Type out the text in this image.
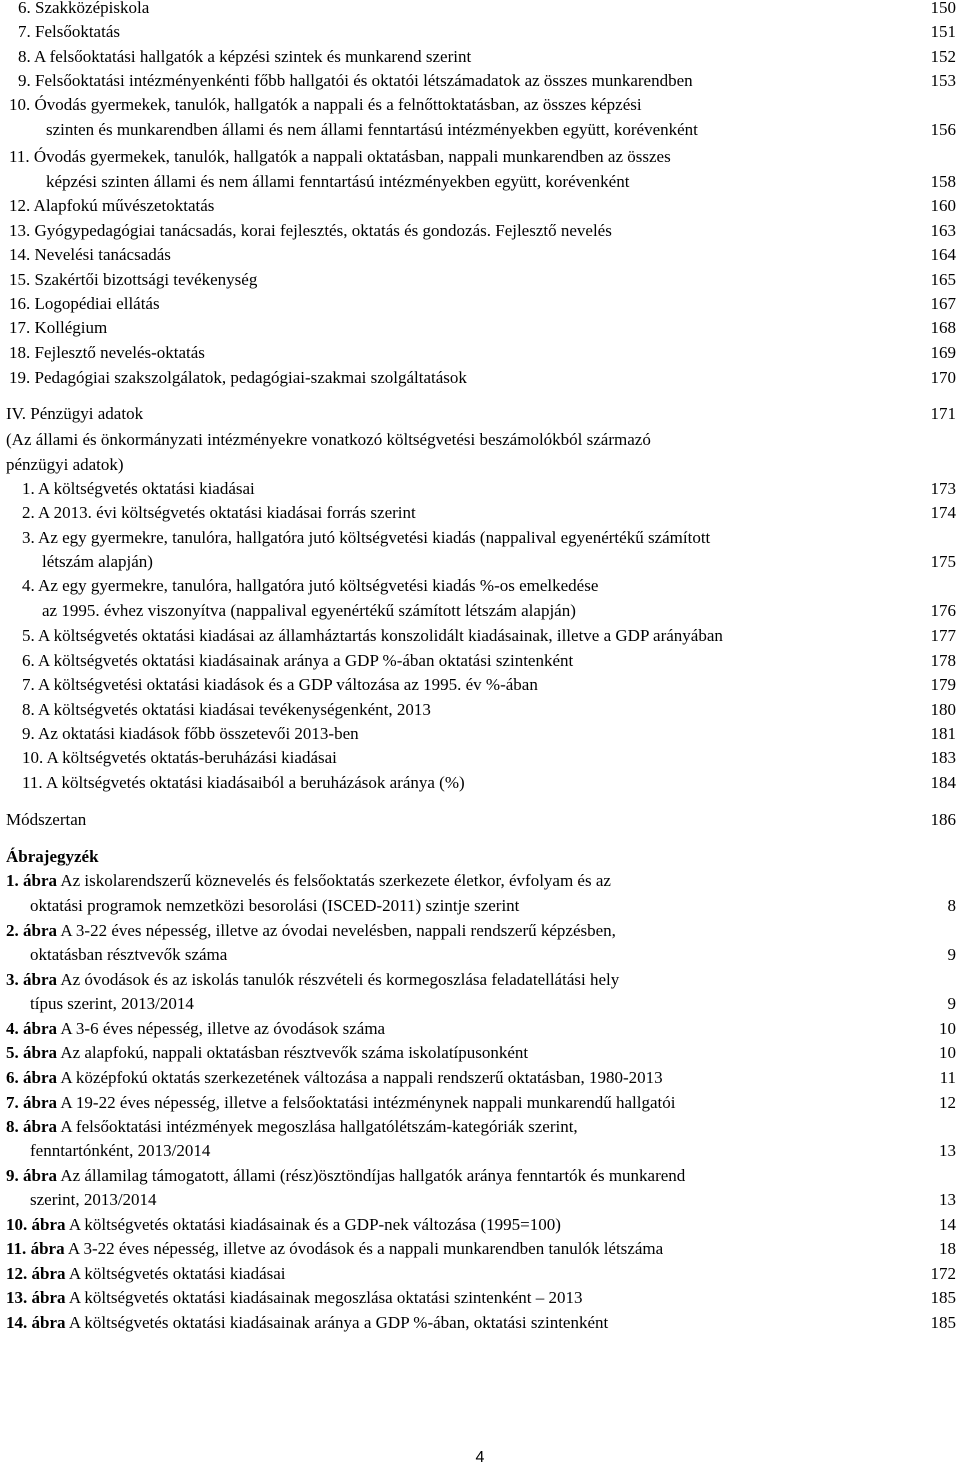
6. Szakközépiskola	150
7. Felsőoktatás	151
8. A felsőoktatási hallgatók a képzési szintek és munkarend szerint	152
9. Felsőoktatási intézményenkénti főbb hallgatói és oktatói létszámadatok az összes munkarendben	153
10. Óvodás gyermekek, tanulók, hallgatók a nappali és a felnőttoktatásban, az összes képzési
szinten és munkarendben állami és nem állami fenntartású intézményekben együtt, korévenként	156
11. Óvodás gyermekek, tanulók, hallgatók a nappali oktatásban, nappali munkarendben az összes
képzési szinten állami és nem állami fenntartású intézményekben együtt, korévenként	158
12. Alapfokú művészetoktatás	160
13. Gyógypedagógiai tanácsadás, korai fejlesztés, oktatás és gondozás. Fejlesztő nevelés	163
14. Nevelési tanácsadás	164
15. Szakértői bizottsági tevékenység	165
16. Logopédiai ellátás	167
17. Kollégium	168
18. Fejlesztő nevelés-oktatás	169
19. Pedagógiai szakszolgálatok, pedagógiai-szakmai szolgáltatások	170
IV. Pénzügyi adatok	171
(Az állami és önkormányzati intézményekre vonatkozó költségvetési beszámolókból származó
pénzügyi adatok)
1. A költségvetés oktatási kiadásai	173
2. A 2013. évi költségvetés oktatási kiadásai forrás szerint	174
3. Az egy gyermekre, tanulóra, hallgatóra jutó költségvetési kiadás (nappalival egyenértékű számított
létszám alapján)	175
4. Az egy gyermekre, tanulóra, hallgatóra jutó költségvetési kiadás %-os emelkedése
az 1995. évhez viszonyítva (nappalival egyenértékű számított létszám alapján)	176
5. A költségvetés oktatási kiadásai az államháztartás konszolidált kiadásainak, illetve a GDP arányában	177
6. A költségvetés oktatási kiadásainak aránya a GDP %-ában oktatási szintenként	178
7. A költségvetési oktatási kiadások és a GDP változása az 1995. év %-ában	179
8. A költségvetés oktatási kiadásai tevékenységenként, 2013	180
9. Az oktatási kiadások főbb összetevői 2013-ben	181
10. A költségvetés oktatás-beruházási kiadásai	183
11. A költségvetés oktatási kiadásaiból a beruházások aránya (%)	184
Módszertan	186
Ábrajegyzék
1. ábra Az iskolarendszerű köznevelés és felsőoktatás szerkezete életkor, évfolyam és az
oktatási programok nemzetközi besorolási (ISCED-2011) szintje szerint	8
2. ábra A 3-22 éves népesség, illetve az óvodai nevelésben, nappali rendszerű képzésben,
oktatásban résztvevők száma	9
3. ábra Az óvodások és az iskolás tanulók részvételi és kormegoszlása feladatellátási hely
típus szerint, 2013/2014	9
4. ábra A 3-6 éves népesség, illetve az óvodások száma	10
5. ábra Az alapfokú, nappali oktatásban résztvevők száma iskolatípusonként	10
6. ábra A középfokú oktatás szerkezetének változása a nappali rendszerű oktatásban, 1980-2013	11
7. ábra A 19-22 éves népesség, illetve a felsőoktatási intézménynek nappali munkarendű hallgatói	12
8. ábra A felsőoktatási intézmények megoszlása hallgatólétszám-kategóriák szerint,
fenntartónként, 2013/2014	13
9. ábra Az államilag támogatott, állami (rész)ösztöndíjas hallgatók aránya fenntartók és munkarend
szerint, 2013/2014	13
10. ábra A költségvetés oktatási kiadásainak és a GDP-nek változása (1995=100)	14
11. ábra A 3-22 éves népesség, illetve az óvodások és a nappali munkarendben tanulók létszáma	18
12. ábra A költségvetés oktatási kiadásai	172
13. ábra A költségvetés oktatási kiadásainak megoszlása oktatási szintenként ‒ 2013	185
14. ábra A költségvetés oktatási kiadásainak aránya a GDP %-ában, oktatási szintenként	185
4
